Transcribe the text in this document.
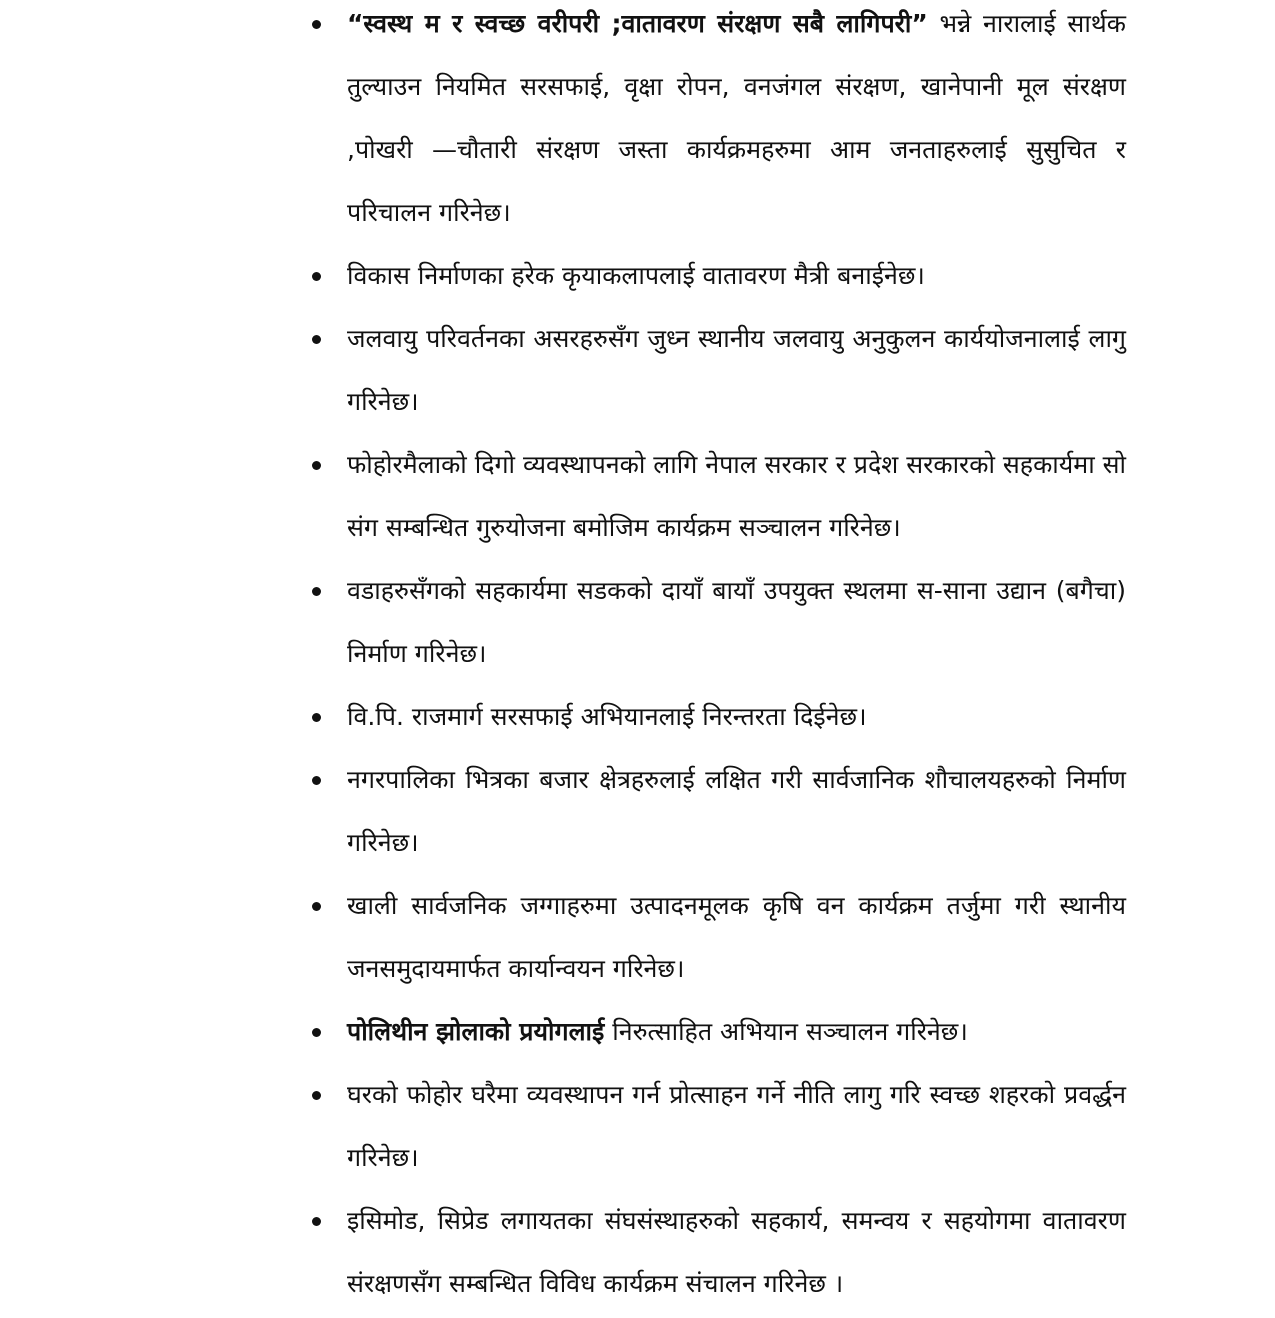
“स्वस्थ म र स्वच्छ वरीपरी ;वातावरण संरक्षण सबै लागिपरी” भन्ने नारालाई सार्थक तुल्याउन नियमित सरसफाई, वृक्षा रोपन, वनजंगल संरक्षण, खानेपानी मूल संरक्षण ,पोखरी —चौतारी संरक्षण जस्ता कार्यक्रमहरुमा आम जनताहरुलाई सुसुचित र परिचालन गरिनेछ।
विकास निर्माणका हरेक कृयाकलापलाई वातावरण मैत्री बनाईनेछ।
जलवायु परिवर्तनका असरहरुसँग जुध्न स्थानीय जलवायु अनुकुलन कार्ययोजनालाई लागु गरिनेछ।
फोहोरमैलाको दिगो व्यवस्थापनको लागि नेपाल सरकार र प्रदेश सरकारको सहकार्यमा सो संग सम्बन्धित गुरुयोजना बमोजिम कार्यक्रम सञ्चालन गरिनेछ।
वडाहरुसँगको सहकार्यमा सडकको दायाँ बायाँ उपयुक्त स्थलमा स-साना उद्यान (बगैचा) निर्माण गरिनेछ।
वि.पि. राजमार्ग सरसफाई अभियानलाई निरन्तरता दिईनेछ।
नगरपालिका भित्रका बजार क्षेत्रहरुलाई लक्षित गरी सार्वजानिक शौचालयहरुको निर्माण गरिनेछ।
खाली सार्वजनिक जग्गाहरुमा उत्पादनमूलक कृषि वन कार्यक्रम तर्जुमा गरी स्थानीय जनसमुदायमार्फत कार्यान्वयन गरिनेछ।
पोलिथीन झोलाको प्रयोगलाई निरुत्साहित अभियान सञ्चालन गरिनेछ।
घरको फोहोर घरैमा व्यवस्थापन गर्न प्रोत्साहन गर्ने नीति लागु गरि स्वच्छ शहरको प्रवर्द्धन गरिनेछ।
इसिमोड, सिप्रेड लगायतका संघसंस्थाहरुको सहकार्य, समन्वय र सहयोगमा वातावरण संरक्षणसँग सम्बन्धित विविध कार्यक्रम संचालन गरिनेछ ।
